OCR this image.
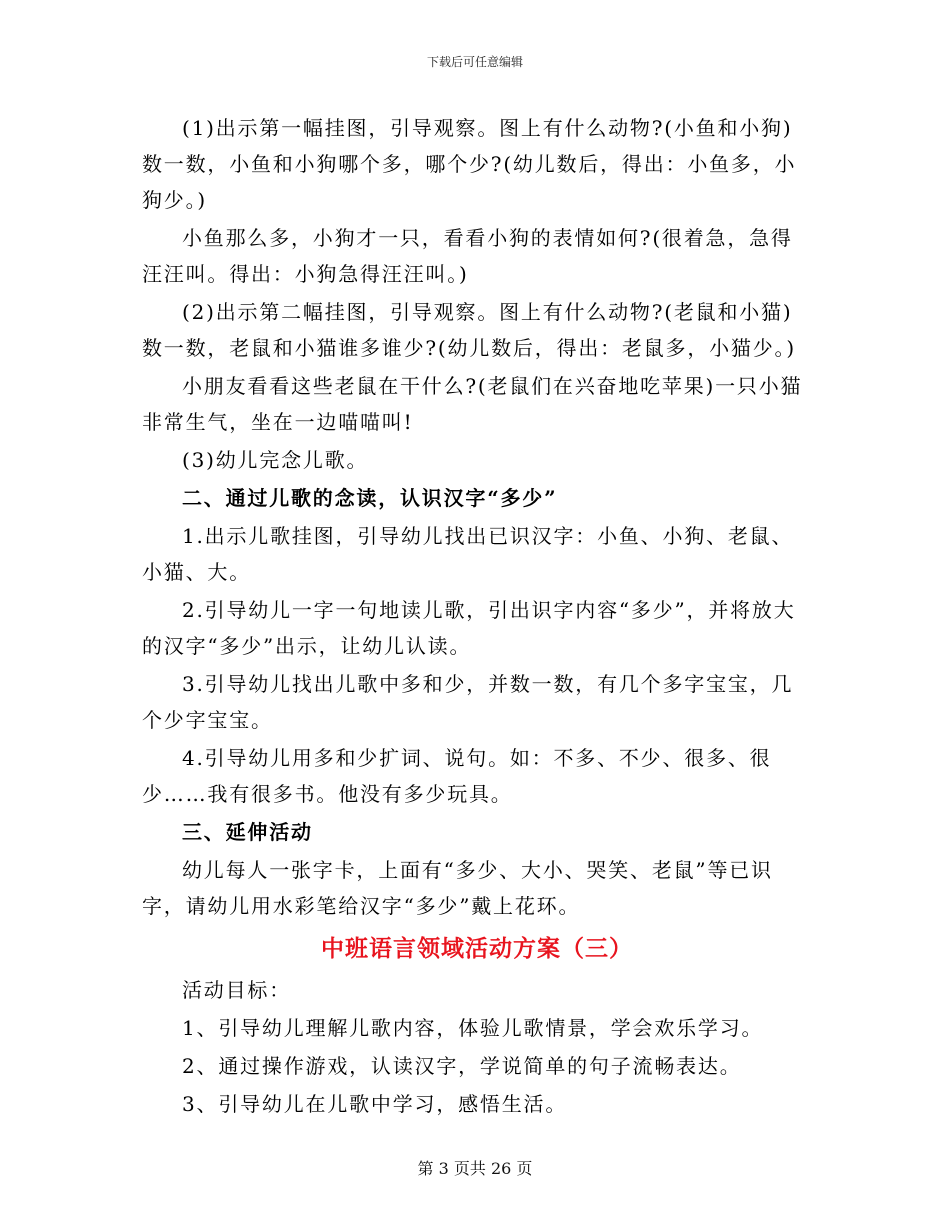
下载后可任意编辑

(1)出示第一幅挂图，引导观察。图上有什么动物?(小鱼和小狗)数一数，小鱼和小狗哪个多，哪个少?(幼儿数后，得出：小鱼多，小狗少。)

小鱼那么多，小狗才一只，看看小狗的表情如何?(很着急，急得汪汪叫。得出：小狗急得汪汪叫。)

(2)出示第二幅挂图，引导观察。图上有什么动物?(老鼠和小猫)数一数，老鼠和小猫谁多谁少?(幼儿数后，得出：老鼠多，小猫少。)

小朋友看看这些老鼠在干什么?(老鼠们在兴奋地吃苹果)一只小猫非常生气，坐在一边喵喵叫!

(3)幼儿完念儿歌。

二、通过儿歌的念读，认识汉字“多少”

1.出示儿歌挂图，引导幼儿找出已识汉字：小鱼、小狗、老鼠、小猫、大。

2.引导幼儿一字一句地读儿歌，引出识字内容“多少”，并将放大的汉字“多少”出示，让幼儿认读。

3.引导幼儿找出儿歌中多和少，并数一数，有几个多字宝宝，几个少字宝宝。

4.引导幼儿用多和少扩词、说句。如：不多、不少、很多、很少……我有很多书。他没有多少玩具。

三、延伸活动

幼儿每人一张字卡，上面有“多少、大小、哭笑、老鼠”等已识字，请幼儿用水彩笔给汉字“多少”戴上花环。

中班语言领域活动方案（三）

活动目标：

1、引导幼儿理解儿歌内容，体验儿歌情景，学会欢乐学习。

2、通过操作游戏，认读汉字，学说简单的句子流畅表达。

3、引导幼儿在儿歌中学习，感悟生活。

第 3 页共 26 页
